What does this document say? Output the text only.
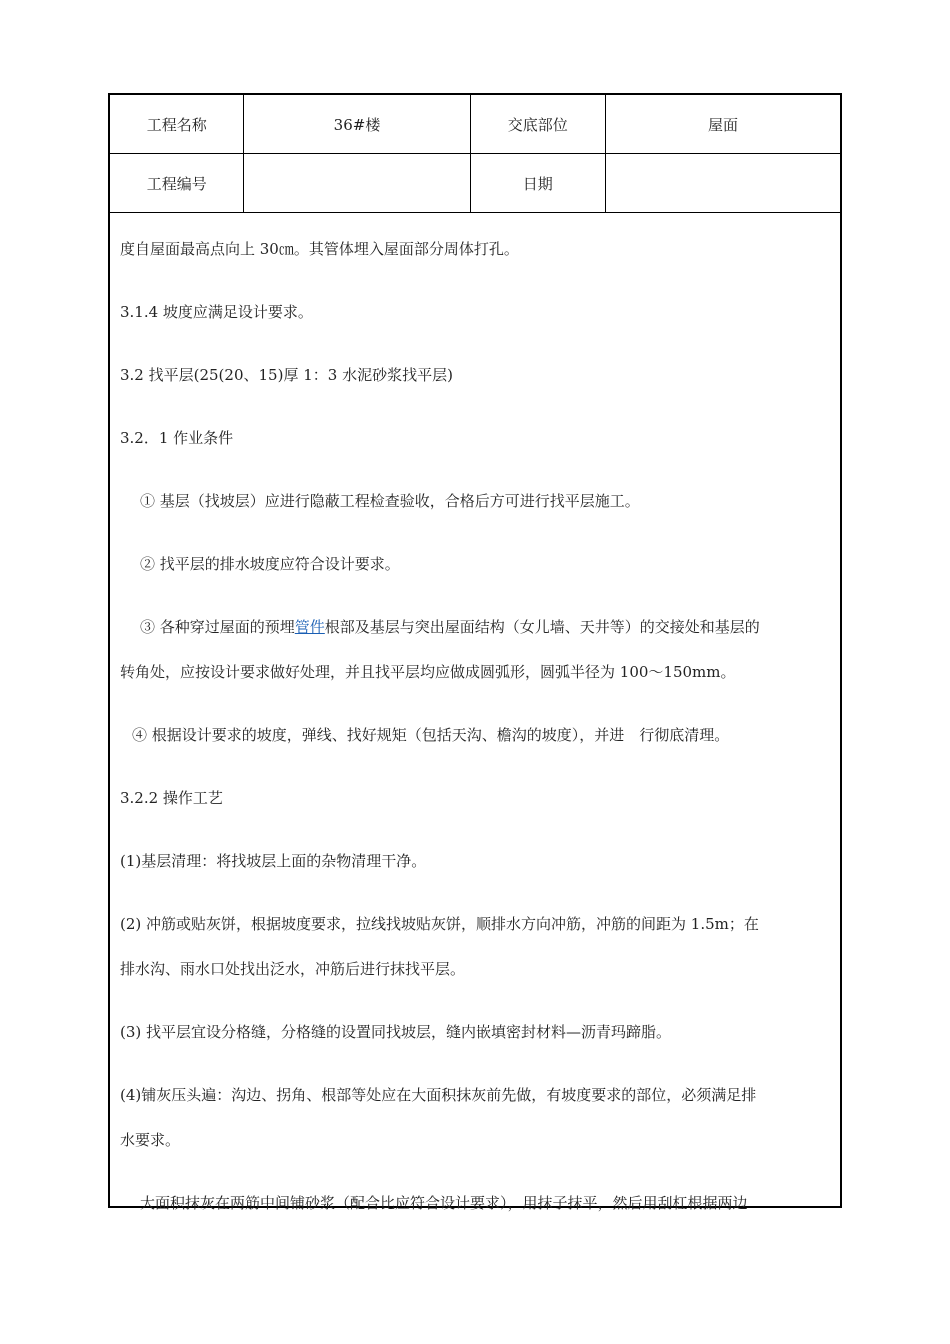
工程名称	36#楼	交底部位	屋面
工程编号		日期	
度自屋面最高点向上 30㎝。其管体埋入屋面部分周体打孔。
3.1.4 坡度应满足设计要求。
3.2 找平层(25(20、15)厚 1：3 水泥砂浆找平层)
3.2．1 作业条件
① 基层（找坡层）应进行隐蔽工程检查验收，合格后方可进行找平层施工。
② 找平层的排水坡度应符合设计要求。
③ 各种穿过屋面的预埋管件根部及基层与突出屋面结构（女儿墙、天井等）的交接处和基层的
转角处，应按设计要求做好处理，并且找平层均应做成圆弧形，圆弧半径为 100～150mm。
④ 根据设计要求的坡度，弹线、找好规矩（包括天沟、檐沟的坡度），并进　行彻底清理。
3.2.2 操作工艺
(1)基层清理：将找坡层上面的杂物清理干净。
(2) 冲筋或贴灰饼，根据坡度要求，拉线找坡贴灰饼，顺排水方向冲筋，冲筋的间距为 1.5m；在
排水沟、雨水口处找出泛水，冲筋后进行抹找平层。
(3) 找平层宜设分格缝，分格缝的设置同找坡层，缝内嵌填密封材料—沥青玛蹄脂。
(4)铺灰压头遍：沟边、拐角、根部等处应在大面积抹灰前先做，有坡度要求的部位，必须满足排
水要求。
大面积抹灰在两筋中间铺砂浆（配合比应符合设计要求），用抹子抹平，然后用刮杠根据两边
